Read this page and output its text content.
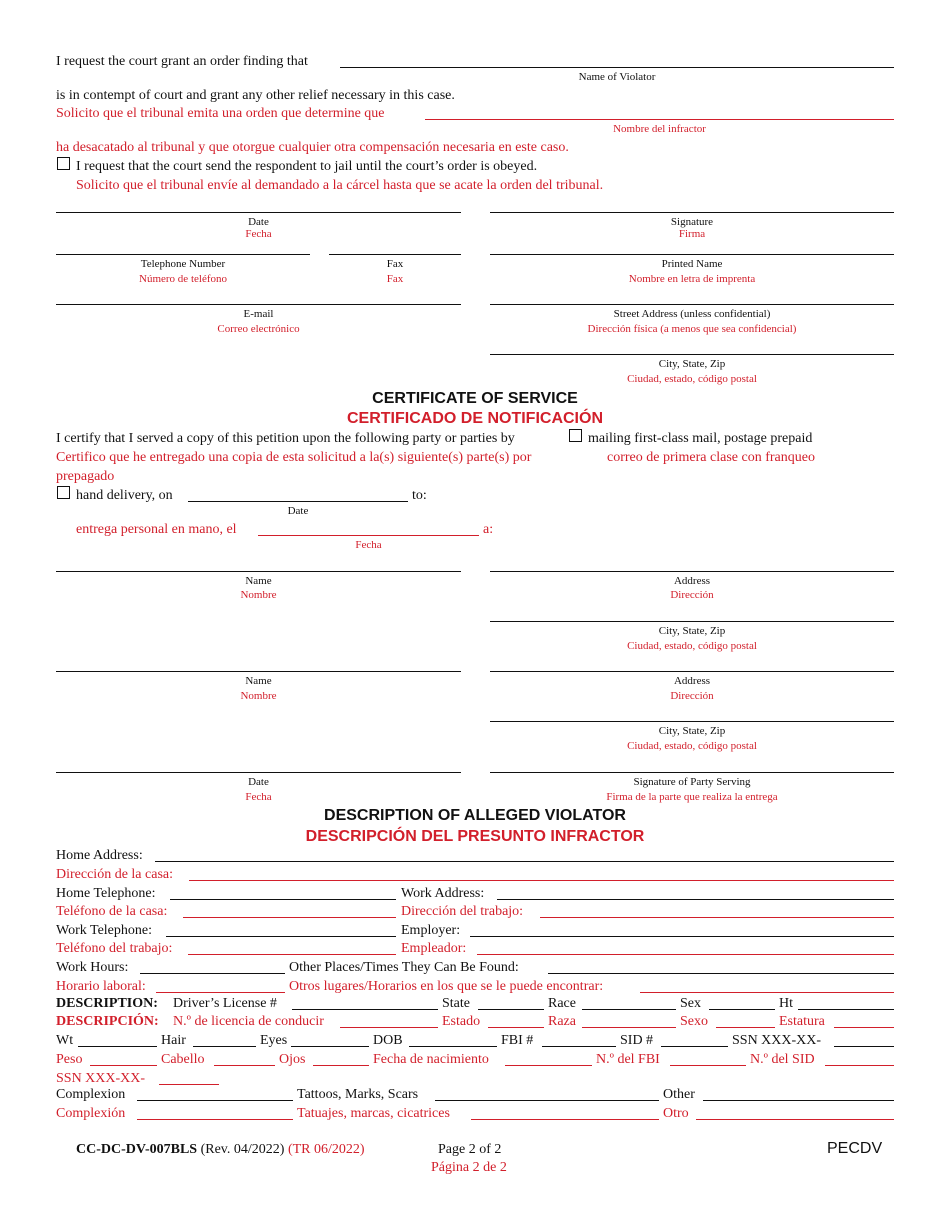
I request the court grant an order finding that
Name of Violator
is in contempt of court and grant any other relief necessary in this case.
Solicito que el tribunal emita una orden que determine que
Nombre del infractor
ha desacatado al tribunal y que otorgue cualquier otra compensación necesaria en este caso.
I request that the court send the respondent to jail until the court’s order is obeyed.
Solicito que el tribunal envíe al demandado a la cárcel hasta que se acate la orden del tribunal.
Date
Fecha
Signature
Firma
Telephone Number
Número de teléfono
Fax
Fax
Printed Name
Nombre en letra de imprenta
E-mail
Correo electrónico
Street Address (unless confidential)
Dirección física (a menos que sea confidencial)
City, State, Zip
Ciudad, estado, código postal
CERTIFICATE OF SERVICE
CERTIFICADO DE NOTIFICACIÓN
I certify that I served a copy of this petition upon the following party or parties by	mailing first-class mail, postage prepaid
Certifico que he entregado una copia de esta solicitud a la(s) siguiente(s) parte(s) por	correo de primera clase con franqueo
prepagado
hand delivery, on	to:
Date
entrega personal en mano, el	a:
Fecha
Name
Nombre
Address
Dirección
City, State, Zip
Ciudad, estado, código postal
Name
Nombre
Address
Dirección
City, State, Zip
Ciudad, estado, código postal
Date
Fecha
Signature of Party Serving
Firma de la parte que realiza la entrega
DESCRIPTION OF ALLEGED VIOLATOR
DESCRIPCIÓN DEL PRESUNTO INFRACTOR
Home Address:
Dirección de la casa:
Home Telephone:	Work Address:
Teléfono de la casa:	Dirección del trabajo:
Work Telephone:	Employer:
Teléfono del trabajo:	Empleador:
Work Hours:	Other Places/Times They Can Be Found:
Horario laboral:	Otros lugares/Horarios en los que se le puede encontrar:
DESCRIPTION: Driver’s License #	State	Race	Sex	Ht
DESCRIPCIÓN: N.º de licencia de conducir	Estado	Raza	Sexo	Estatura
Wt	Hair	Eyes	DOB	FBI #	SID #	SSN XXX-XX-
Peso	Cabello	Ojos	Fecha de nacimiento	N.º del FBI	N.º del SID
SSN XXX-XX-
Complexion	Tattoos, Marks, Scars	Other
Complexión	Tatuajes, marcas, cicatrices	Otro
CC-DC-DV-007BLS (Rev. 04/2022) (TR 06/2022)	Page 2 of 2
Página 2 de 2
PECDV
